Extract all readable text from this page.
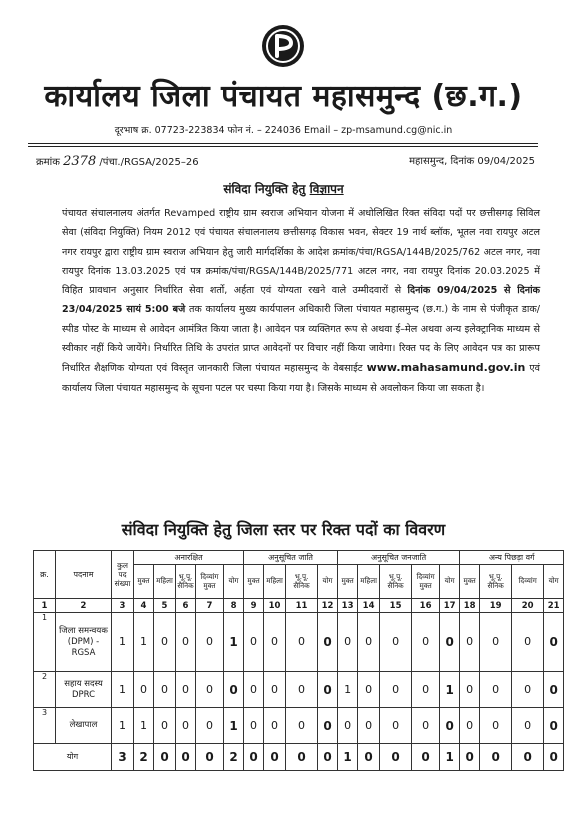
कार्यालय जिला पंचायत महासमुन्द (छ.ग.)
दूरभाष क्र. 07723-223834 फोन नं. – 224036 Email – zp-msamund.cg@nic.in
क्रमांक 2378 /पंचा./RGSA/2025–26	महासमुन्द, दिनांक 09/04/2025
संविदा नियुक्ति हेतु विज्ञापन
पंचायत संचालनालय अंतर्गत Revamped राष्ट्रीय ग्राम स्वराज अभियान योजना में अधोलिखित रिक्त संविदा पदों पर छत्तीसगढ़ सिविल सेवा (संविदा नियुक्ति) नियम 2012 एवं पंचायत संचालनालय छत्तीसगढ़ विकास भवन, सेक्टर 19 नार्थ ब्लॉक, भूतल नवा रायपुर अटल नगर रायपुर द्वारा राष्ट्रीय ग्राम स्वराज अभियान हेतु जारी मार्गदर्शिका के आदेश क्रमांक/पंचा/RGSA/144B/2025/762 अटल नगर, नवा रायपुर दिनांक 13.03.2025 एवं पत्र क्रमांक/पंचा/RGSA/144B/2025/771 अटल नगर, नवा रायपुर दिनांक 20.03.2025 में विहित प्रावधान अनुसार निर्धारित सेवा शर्तो, अर्हता एवं योग्यता रखने वाले उम्मीदवारों से दिनांक 09/04/2025 से दिनांक 23/04/2025 सायं 5:00 बजे तक कार्यालय मुख्य कार्यपालन अधिकारी जिला पंचायत महासमुन्द (छ.ग.) के नाम से पंजीकृत डाक/स्पीड पोस्ट के माध्यम से आवेदन आमंत्रित किया जाता है। आवेदन पत्र व्यक्तिगत रूप से अथवा ई–मेल अथवा अन्य इलेक्ट्रानिक माध्यम से स्वीकार नहीं किये जायेंगे। निर्धारित तिथि के उपरांत प्राप्त आवेदनों पर विचार नहीं किया जावेगा। रिक्त पद के लिए आवेदन पत्र का प्रारूप निर्धारित शैक्षणिक योग्यता एवं विस्तृत जानकारी जिला पंचायत महासमुन्द के वेबसाईट www.mahasamund.gov.in एवं कार्यालय जिला पंचायत महासमुन्द के सूचना पटल पर चस्पा किया गया है। जिसके माध्यम से अवलोकन किया जा सकता है।
संविदा नियुक्ति हेतु जिला स्तर पर रिक्त पदों का विवरण
क्र.	पदनाम	कुल पद संख्या	अनारक्षित					अनुसूचित जाति				अनुसूचित जनजाति					अन्य पिछड़ा वर्ग			
			मुक्त	महिला	भू.पू. सैनिक	दिव्यांग मुक्त	योग	मुक्त	महिला	भू.पू. सैनिक	योग	मुक्त	महिला	भू.पू. सैनिक	दिव्यांग मुक्त	योग	मुक्त	भू.पू. सैनिक	दिव्यांग	योग
1	2	3	4	5	6	7	8	9	10	11	12	13	14	15	16	17	18	19	20	21
1	जिला समन्वयक (DPM) - RGSA	1	1	0	0	0	1	0	0	0	0	0	0	0	0	0	0	0	0	0
2	सहाय सदस्य DPRC	1	0	0	0	0	0	0	0	0	0	1	0	0	0	1	0	0	0	0
3	लेखापाल	1	1	0	0	0	1	0	0	0	0	0	0	0	0	0	0	0	0	0
योग		3	2	0	0	0	2	0	0	0	0	1	0	0	0	1	0	0	0	0
